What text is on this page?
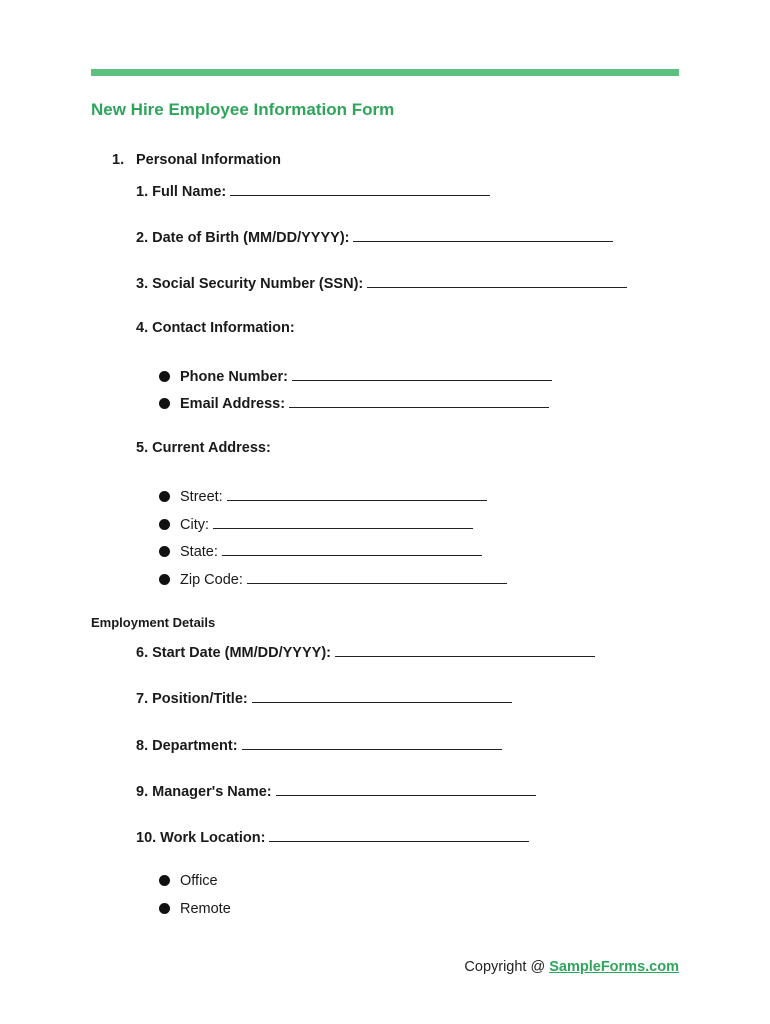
New Hire Employee Information Form
1. Personal Information
1. Full Name:
2. Date of Birth (MM/DD/YYYY):
3. Social Security Number (SSN):
4. Contact Information:
Phone Number:
Email Address:
5. Current Address:
Street:
City:
State:
Zip Code:
Employment Details
6. Start Date (MM/DD/YYYY):
7. Position/Title:
8. Department:
9. Manager's Name:
10. Work Location:
Office
Remote
Copyright @ SampleForms.com
